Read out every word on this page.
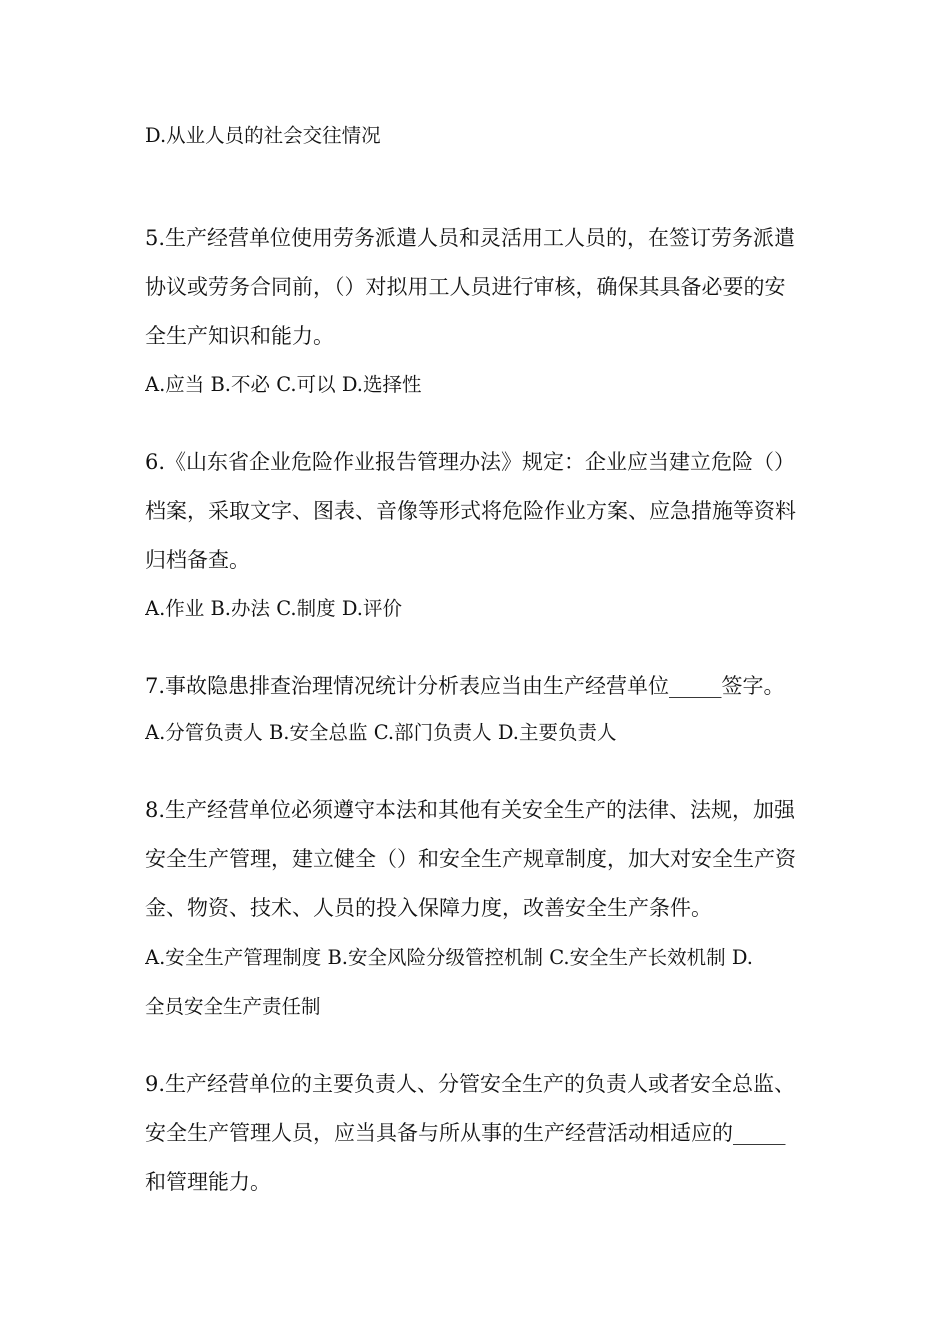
D.从业人员的社会交往情况
5.生产经营单位使用劳务派遣人员和灵活用工人员的，在签订劳务派遣
协议或劳务合同前，（）对拟用工人员进行审核，确保其具备必要的安
全生产知识和能力。
A.应当 B.不必 C.可以 D.选择性
6.《山东省企业危险作业报告管理办法》规定：企业应当建立危险（）
档案，采取文字、图表、音像等形式将危险作业方案、应急措施等资料
归档备查。
A.作业 B.办法 C.制度 D.评价
7.事故隐患排查治理情况统计分析表应当由生产经营单位_____签字。
A.分管负责人 B.安全总监 C.部门负责人 D.主要负责人
8.生产经营单位必须遵守本法和其他有关安全生产的法律、法规，加强
安全生产管理，建立健全（）和安全生产规章制度，加大对安全生产资
金、物资、技术、人员的投入保障力度，改善安全生产条件。
A.安全生产管理制度 B.安全风险分级管控机制 C.安全生产长效机制 D.
全员安全生产责任制
9.生产经营单位的主要负责人、分管安全生产的负责人或者安全总监、
安全生产管理人员，应当具备与所从事的生产经营活动相适应的_____
和管理能力。
